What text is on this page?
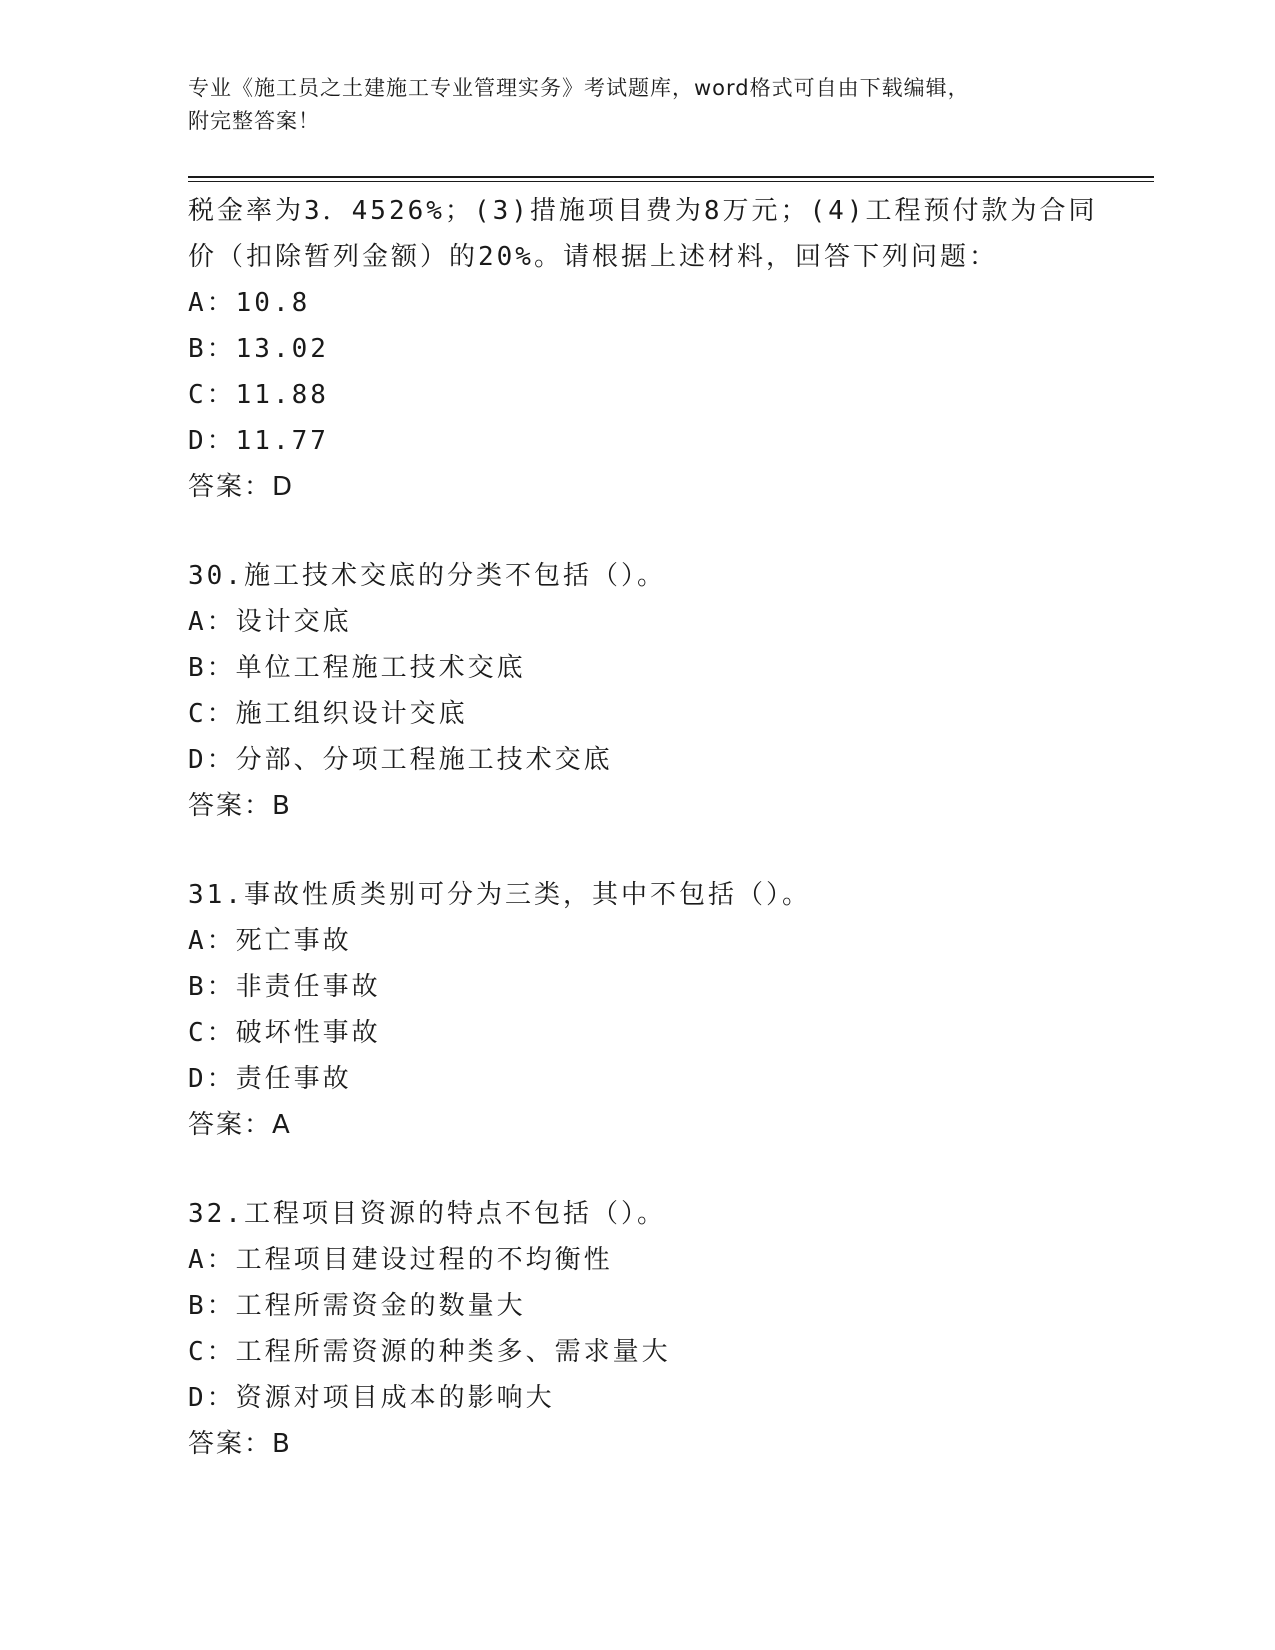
专业《施工员之土建施工专业管理实务》考试题库，word格式可自由下载编辑，
附完整答案！
税金率为3．4526%；(3)措施项目费为8万元；(4)工程预付款为合同
价（扣除暂列金额）的20%。请根据上述材料，回答下列问题：
A：10.8
B：13.02
C：11.88
D：11.77
答案：D
30.施工技术交底的分类不包括（）。
A：设计交底
B：单位工程施工技术交底
C：施工组织设计交底
D：分部、分项工程施工技术交底
答案：B
31.事故性质类别可分为三类，其中不包括（）。
A：死亡事故
B：非责任事故
C：破坏性事故
D：责任事故
答案：A
32.工程项目资源的特点不包括（）。
A：工程项目建设过程的不均衡性
B：工程所需资金的数量大
C：工程所需资源的种类多、需求量大
D：资源对项目成本的影响大
答案：B
